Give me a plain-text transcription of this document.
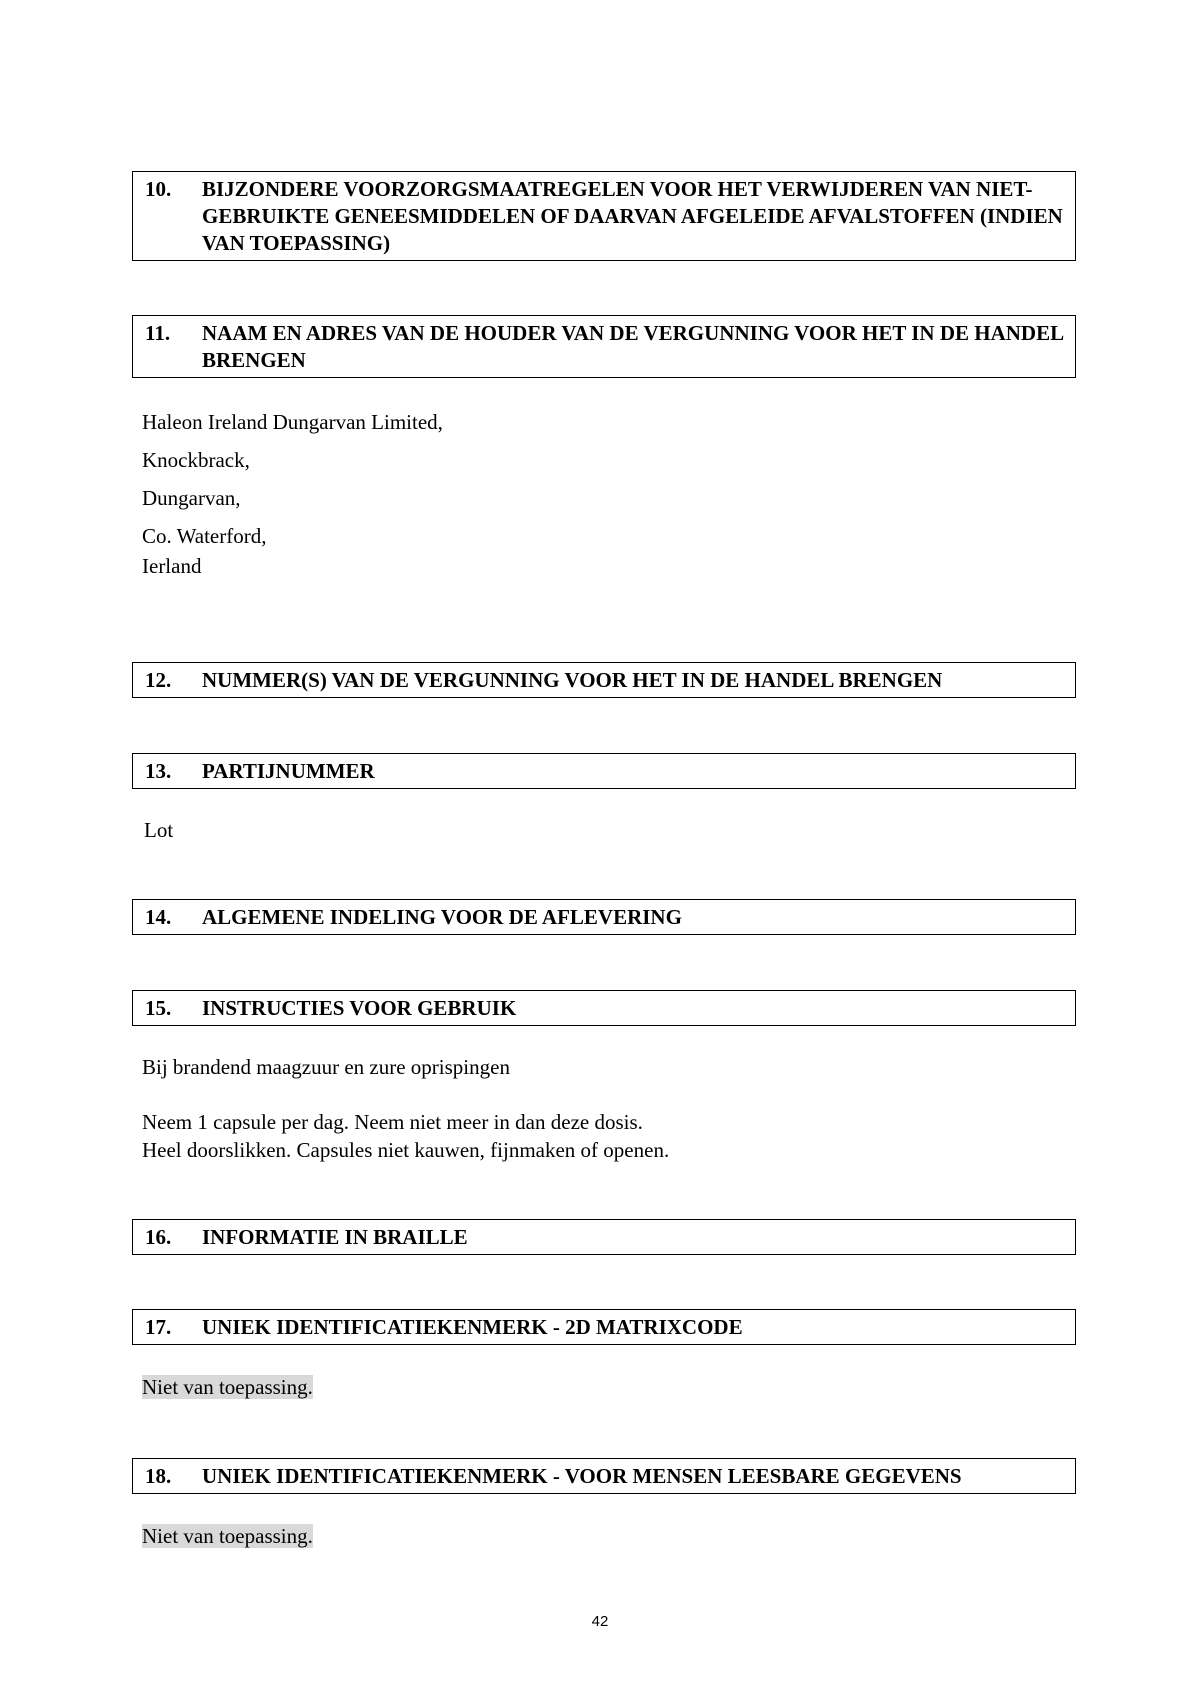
10.	BIJZONDERE VOORZORGSMAATREGELEN VOOR HET VERWIJDEREN VAN NIET-GEBRUIKTE GENEESMIDDELEN OF DAARVAN AFGELEIDE AFVALSTOFFEN (INDIEN VAN TOEPASSING)
11.	NAAM EN ADRES VAN DE HOUDER VAN DE VERGUNNING VOOR HET IN DE HANDEL BRENGEN
Haleon Ireland Dungarvan Limited,
Knockbrack,
Dungarvan,
Co. Waterford,
Ierland
12.	NUMMER(S) VAN DE VERGUNNING VOOR HET IN DE HANDEL BRENGEN
13.	PARTIJNUMMER
Lot
14.	ALGEMENE INDELING VOOR DE AFLEVERING
15.	INSTRUCTIES VOOR GEBRUIK
Bij brandend maagzuur en zure oprispingen
Neem 1 capsule per dag. Neem niet meer in dan deze dosis.
Heel doorslikken. Capsules niet kauwen, fijnmaken of openen.
16.	INFORMATIE IN BRAILLE
17.	UNIEK IDENTIFICATIEKENMERK - 2D MATRIXCODE
Niet van toepassing.
18.	UNIEK IDENTIFICATIEKENMERK - VOOR MENSEN LEESBARE GEGEVENS
Niet van toepassing.
42
